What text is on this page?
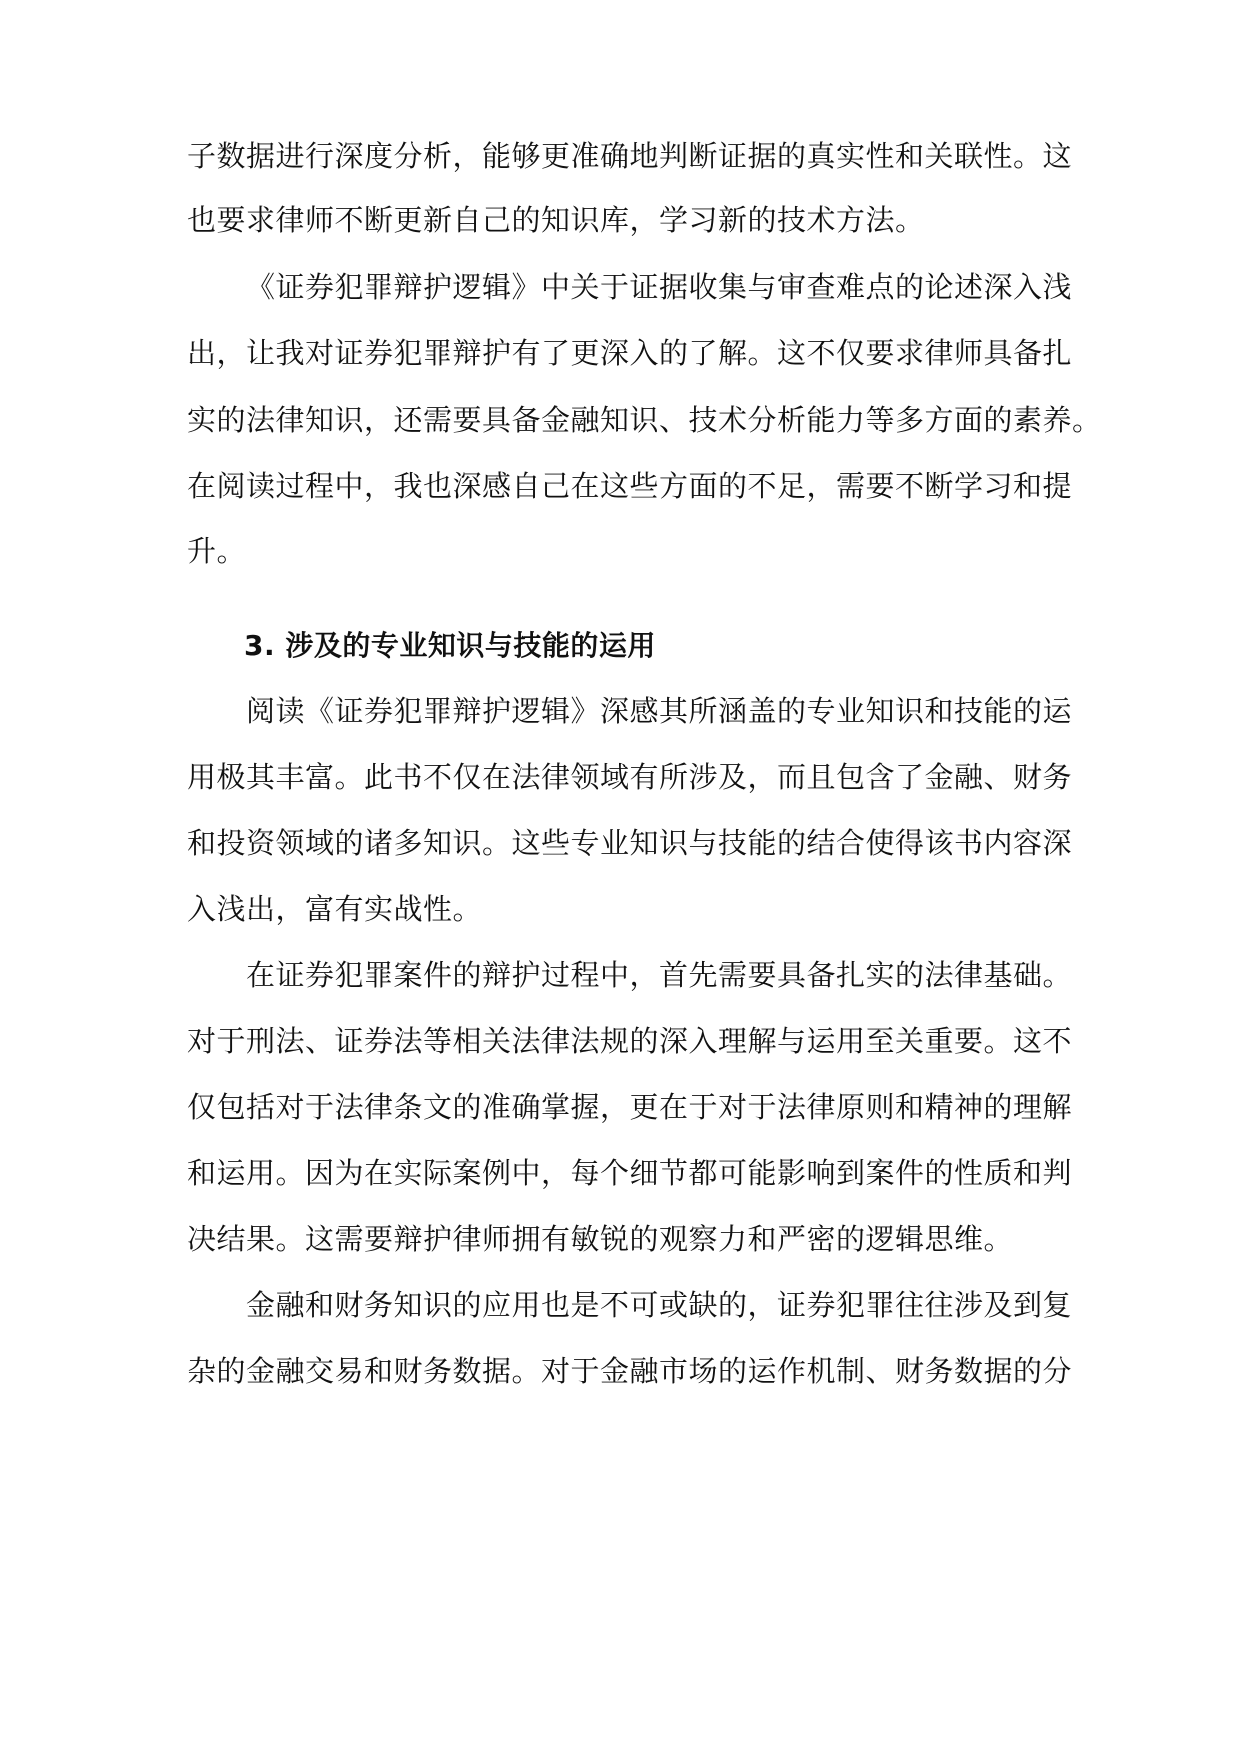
子数据进行深度分析，能够更准确地判断证据的真实性和关联性。这
也要求律师不断更新自己的知识库，学习新的技术方法。
《证券犯罪辩护逻辑》中关于证据收集与审查难点的论述深入浅
出，让我对证券犯罪辩护有了更深入的了解。这不仅要求律师具备扎
实的法律知识，还需要具备金融知识、技术分析能力等多方面的素养。
在阅读过程中，我也深感自己在这些方面的不足，需要不断学习和提
升。
3. 涉及的专业知识与技能的运用
阅读《证券犯罪辩护逻辑》深感其所涵盖的专业知识和技能的运
用极其丰富。此书不仅在法律领域有所涉及，而且包含了金融、财务
和投资领域的诸多知识。这些专业知识与技能的结合使得该书内容深
入浅出，富有实战性。
在证券犯罪案件的辩护过程中，首先需要具备扎实的法律基础。
对于刑法、证券法等相关法律法规的深入理解与运用至关重要。这不
仅包括对于法律条文的准确掌握，更在于对于法律原则和精神的理解
和运用。因为在实际案例中，每个细节都可能影响到案件的性质和判
决结果。这需要辩护律师拥有敏锐的观察力和严密的逻辑思维。
金融和财务知识的应用也是不可或缺的，证券犯罪往往涉及到复
杂的金融交易和财务数据。对于金融市场的运作机制、财务数据的分
